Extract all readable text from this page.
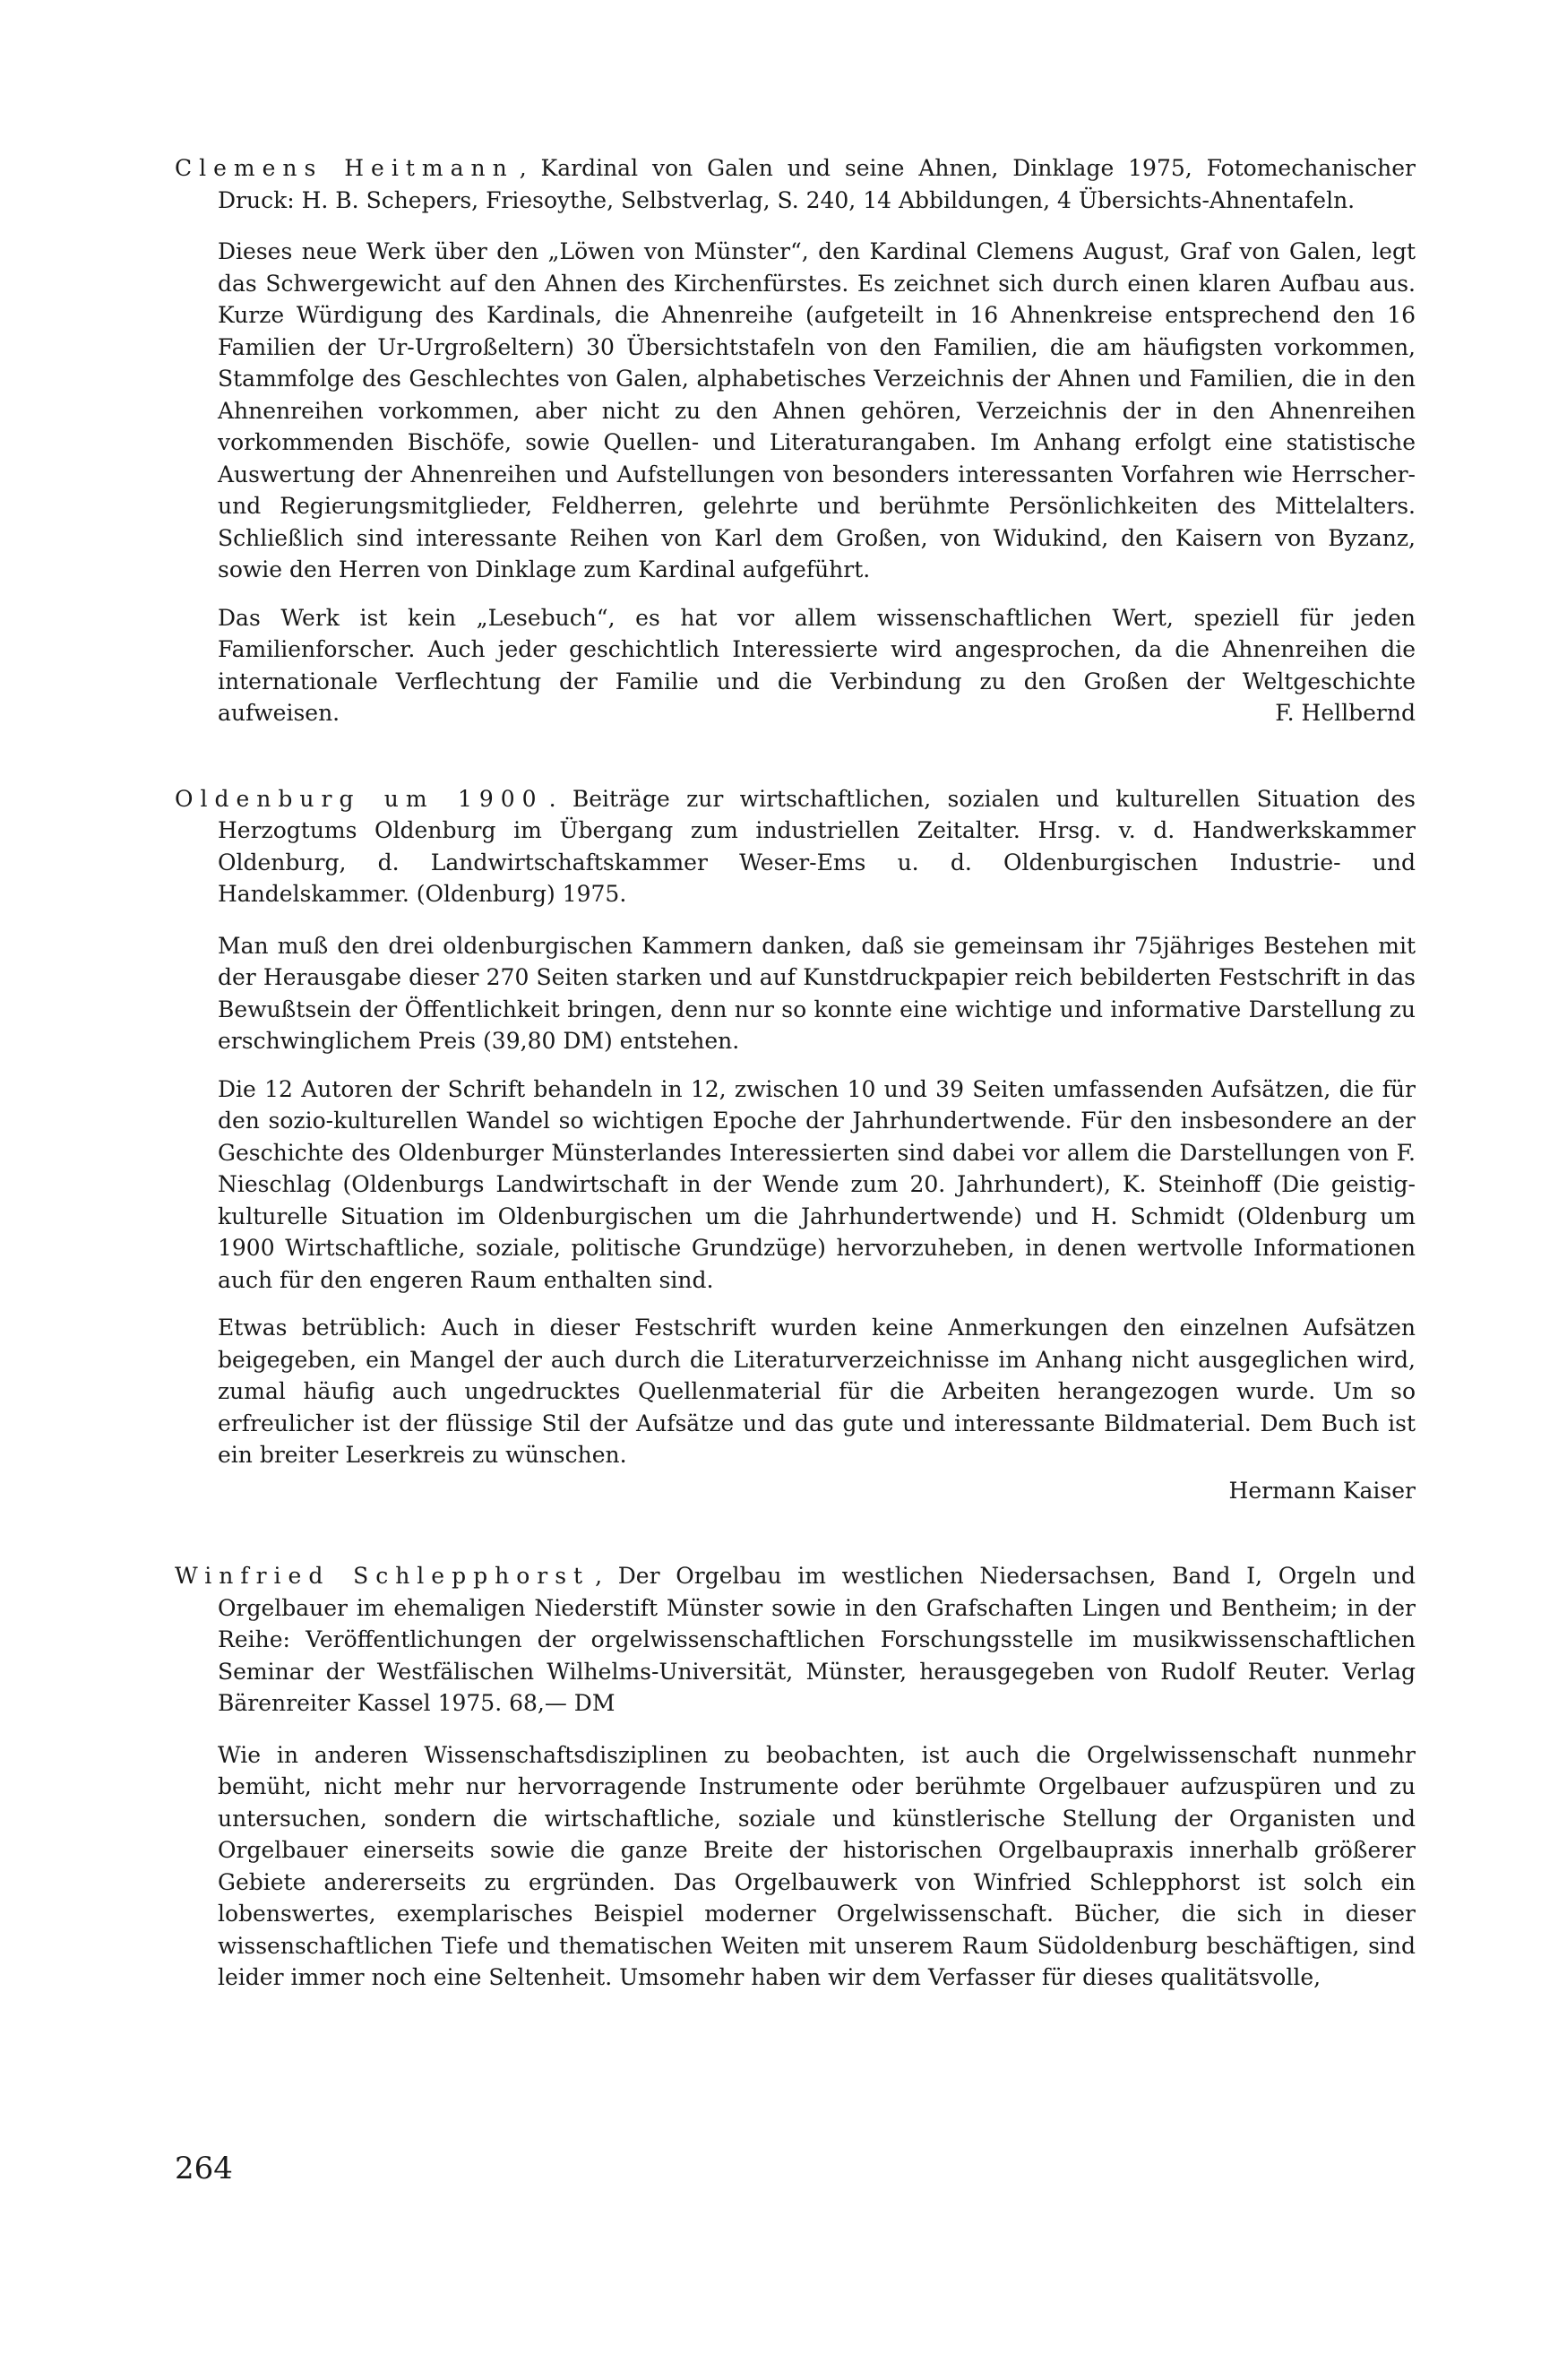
Clemens Heitmann , Kardinal von Galen und seine Ahnen, Dinklage 1975, Fotomechanischer Druck: H. B. Schepers, Friesoythe, Selbstverlag, S. 240, 14 Abbildungen, 4 Übersichts-Ahnentafeln.

Dieses neue Werk über den „Löwen von Münster“, den Kardinal Clemens August, Graf von Galen, legt das Schwergewicht auf den Ahnen des Kirchenfürstes. Es zeichnet sich durch einen klaren Aufbau aus. Kurze Würdigung des Kardinals, die Ahnenreihe (aufgeteilt in 16 Ahnenkreise entsprechend den 16 Familien der Ur-Urgroßeltern) 30 Übersichtstafeln von den Familien, die am häufigsten vorkommen, Stammfolge des Geschlechtes von Galen, alphabetisches Verzeichnis der Ahnen und Familien, die in den Ahnenreihen vorkommen, aber nicht zu den Ahnen gehören, Verzeichnis der in den Ahnenreihen vorkommenden Bischöfe, sowie Quellen- und Literaturangaben. Im Anhang erfolgt eine statistische Auswertung der Ahnenreihen und Aufstellungen von besonders interessanten Vorfahren wie Herrscher- und Regierungsmitglieder, Feldherren, gelehrte und berühmte Persönlichkeiten des Mittelalters. Schließlich sind interessante Reihen von Karl dem Großen, von Widukind, den Kaisern von Byzanz, sowie den Herren von Dinklage zum Kardinal aufgeführt.

Das Werk ist kein „Lesebuch“, es hat vor allem wissenschaftlichen Wert, speziell für jeden Familienforscher. Auch jeder geschichtlich Interessierte wird angesprochen, da die Ahnenreihen die internationale Verflechtung der Familie und die Verbindung zu den Großen der Weltgeschichte aufweisen.	F. Hellbernd

Oldenburg um 1900 . Beiträge zur wirtschaftlichen, sozialen und kulturellen Situation des Herzogtums Oldenburg im Übergang zum industriellen Zeitalter. Hrsg. v. d. Handwerkskammer Oldenburg, d. Landwirtschaftskammer Weser-Ems u. d. Oldenburgischen Industrie- und Handelskammer. (Oldenburg) 1975.

Man muß den drei oldenburgischen Kammern danken, daß sie gemeinsam ihr 75jähriges Bestehen mit der Herausgabe dieser 270 Seiten starken und auf Kunstdruckpapier reich bebilderten Festschrift in das Bewußtsein der Öffentlichkeit bringen, denn nur so konnte eine wichtige und informative Darstellung zu erschwinglichem Preis (39,80 DM) entstehen.

Die 12 Autoren der Schrift behandeln in 12, zwischen 10 und 39 Seiten umfassenden Aufsätzen, die für den sozio-kulturellen Wandel so wichtigen Epoche der Jahrhundertwende. Für den insbesondere an der Geschichte des Oldenburger Münsterlandes Interessierten sind dabei vor allem die Darstellungen von F. Nieschlag (Oldenburgs Landwirtschaft in der Wende zum 20. Jahrhundert), K. Steinhoff (Die geistig-kulturelle Situation im Oldenburgischen um die Jahrhundertwende) und H. Schmidt (Oldenburg um 1900 Wirtschaftliche, soziale, politische Grundzüge) hervorzuheben, in denen wertvolle Informationen auch für den engeren Raum enthalten sind.

Etwas betrüblich: Auch in dieser Festschrift wurden keine Anmerkungen den einzelnen Aufsätzen beigegeben, ein Mangel der auch durch die Literaturverzeichnisse im Anhang nicht ausgeglichen wird, zumal häufig auch ungedrucktes Quellenmaterial für die Arbeiten herangezogen wurde. Um so erfreulicher ist der flüssige Stil der Aufsätze und das gute und interessante Bildmaterial. Dem Buch ist ein breiter Leserkreis zu wünschen.

Hermann Kaiser

Winfried Schlepphorst , Der Orgelbau im westlichen Niedersachsen, Band I, Orgeln und Orgelbauer im ehemaligen Niederstift Münster sowie in den Grafschaften Lingen und Bentheim; in der Reihe: Veröffentlichungen der orgelwissenschaftlichen Forschungsstelle im musikwissenschaftlichen Seminar der Westfälischen Wilhelms-Universität, Münster, herausgegeben von Rudolf Reuter. Verlag Bärenreiter Kassel 1975. 68,— DM

Wie in anderen Wissenschaftsdisziplinen zu beobachten, ist auch die Orgelwissenschaft nunmehr bemüht, nicht mehr nur hervorragende Instrumente oder berühmte Orgelbauer aufzuspüren und zu untersuchen, sondern die wirtschaftliche, soziale und künstlerische Stellung der Organisten und Orgelbauer einerseits sowie die ganze Breite der historischen Orgelbaupraxis innerhalb größerer Gebiete andererseits zu ergründen. Das Orgelbauwerk von Winfried Schlepphorst ist solch ein lobenswertes, exemplarisches Beispiel moderner Orgelwissenschaft. Bücher, die sich in dieser wissenschaftlichen Tiefe und thematischen Weiten mit unserem Raum Südoldenburg beschäftigen, sind leider immer noch eine Seltenheit. Umsomehr haben wir dem Verfasser für dieses qualitätsvolle,

264
